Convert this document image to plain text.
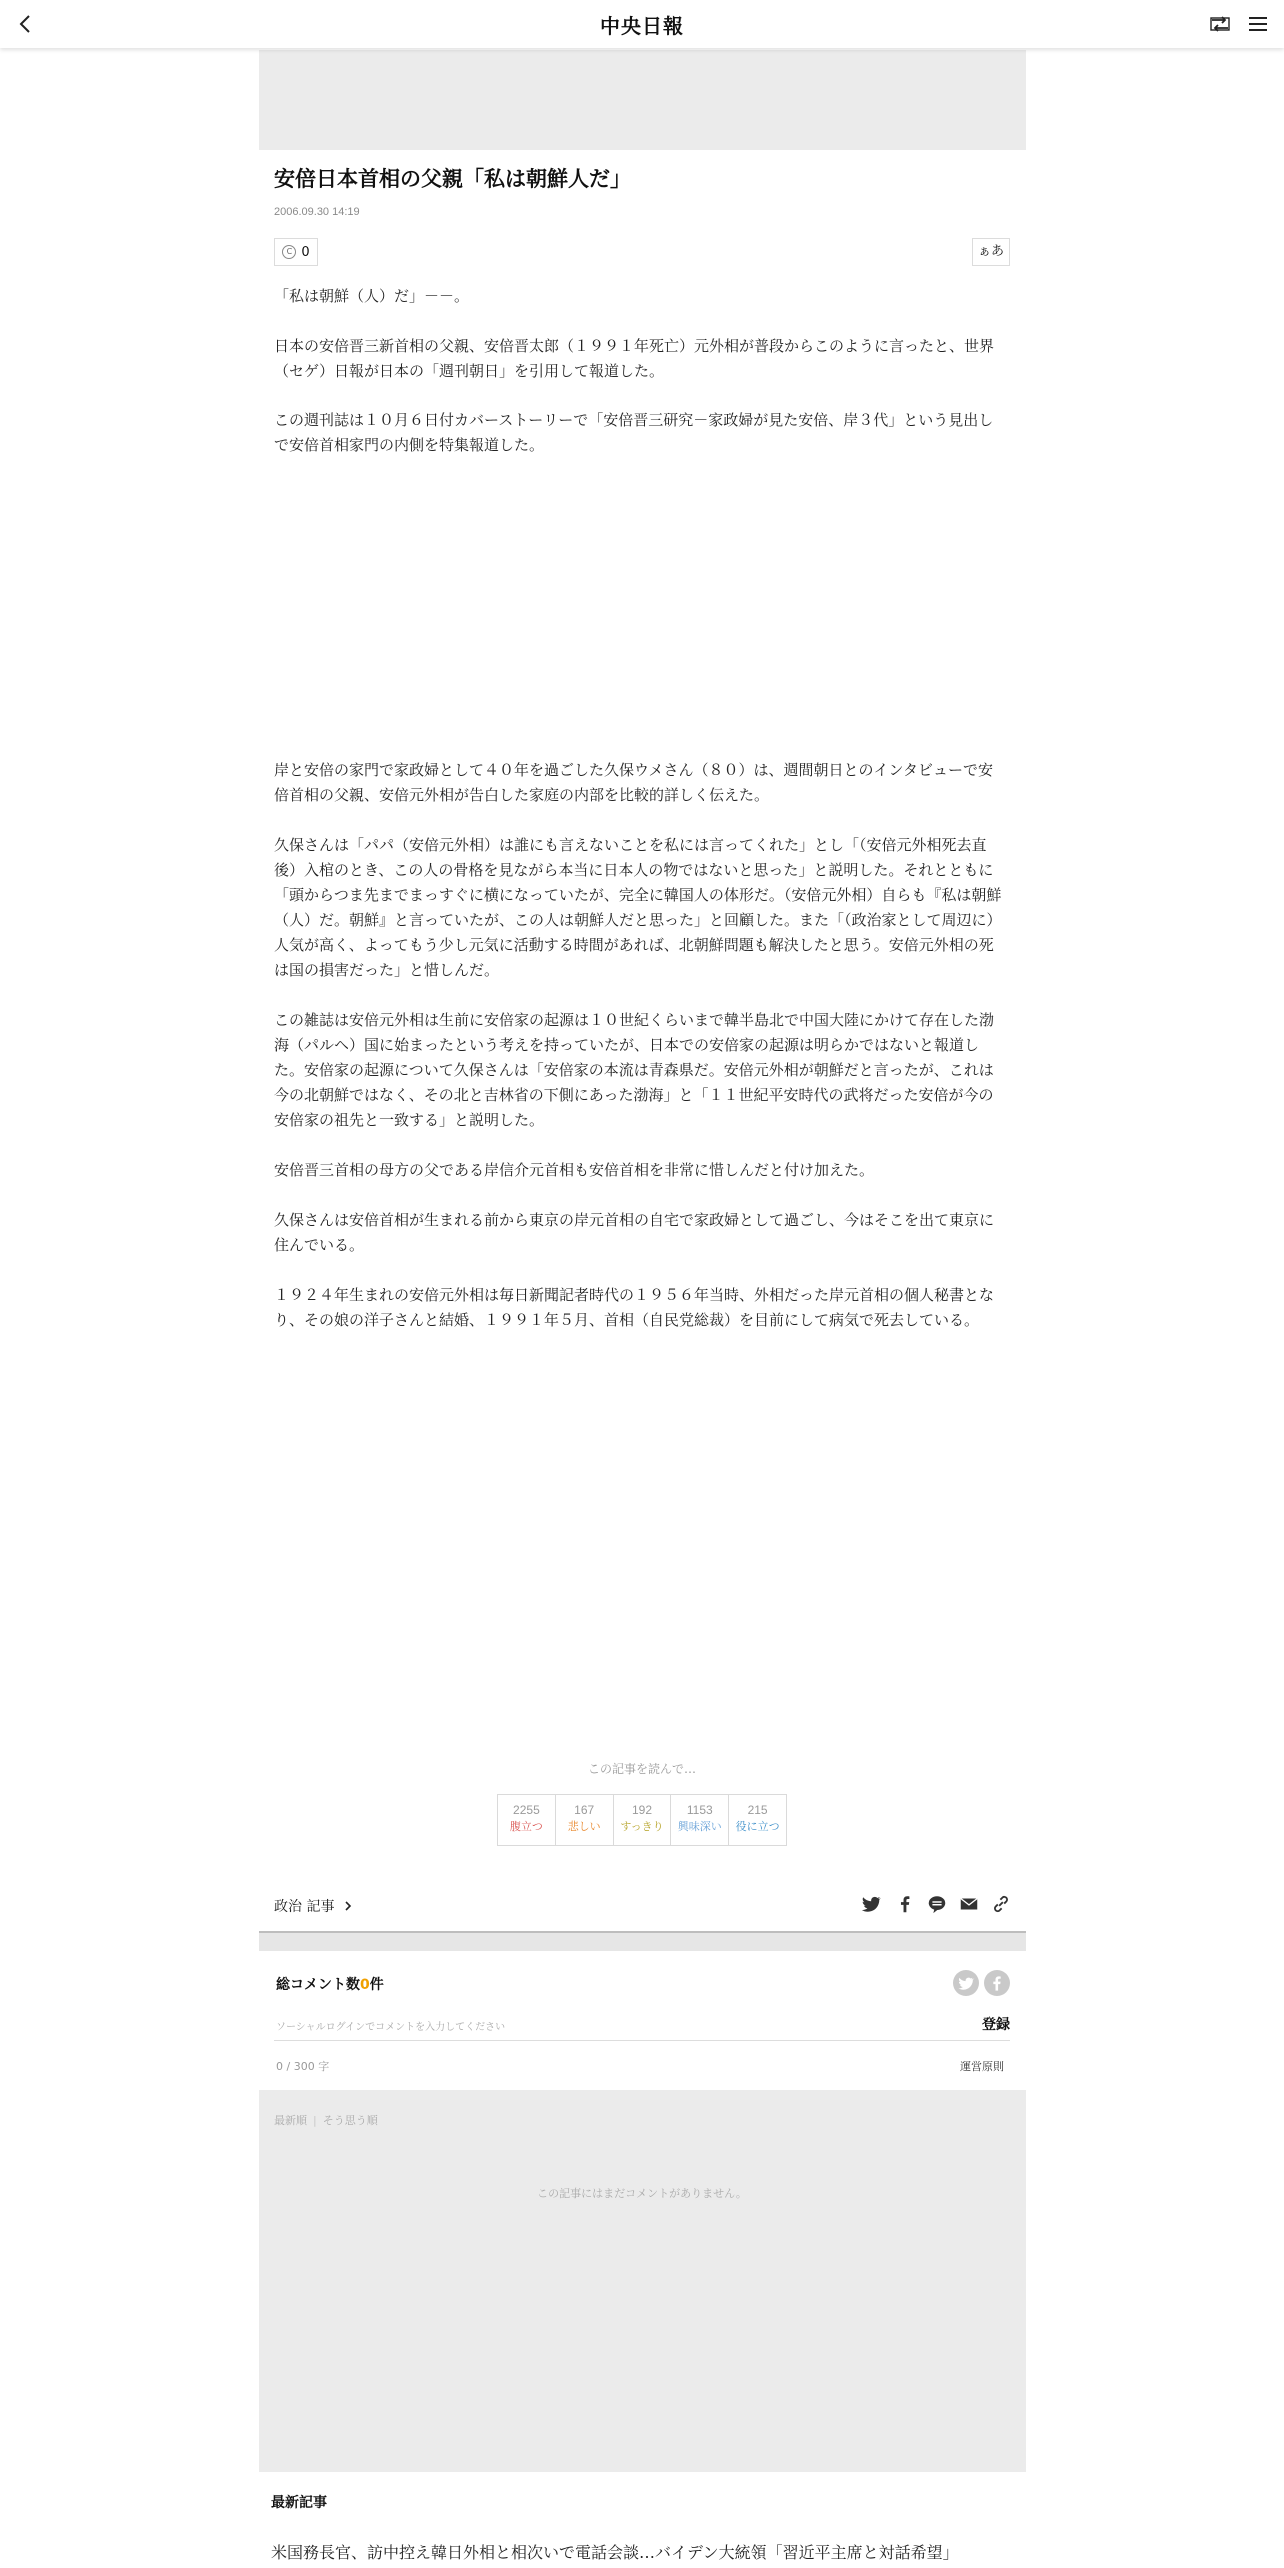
中央日報
安倍日本首相の父親「私は朝鮮人だ」
2006.09.30 14:19
C 0	ぁあ

「私は朝鮮（人）だ」－－。

日本の安倍晋三新首相の父親、安倍晋太郎（１９９１年死亡）元外相が普段からこのように言ったと、世界（セゲ）日報が日本の「週刊朝日」を引用して報道した。

この週刊誌は１０月６日付カバーストーリーで「安倍晋三研究－家政婦が見た安倍、岸３代」という見出しで安倍首相家門の内側を特集報道した。

岸と安倍の家門で家政婦として４０年を過ごした久保ウメさん（８０）は、週間朝日とのインタビューで安倍首相の父親、安倍元外相が告白した家庭の内部を比較的詳しく伝えた。

久保さんは「パパ（安倍元外相）は誰にも言えないことを私には言ってくれた」とし「（安倍元外相死去直後）入棺のとき、この人の骨格を見ながら本当に日本人の物ではないと思った」と説明した。それとともに「頭からつま先までまっすぐに横になっていたが、完全に韓国人の体形だ。（安倍元外相）自らも『私は朝鮮（人）だ。朝鮮』と言っていたが、この人は朝鮮人だと思った」と回顧した。また「（政治家として周辺に）人気が高く、よってもう少し元気に活動する時間があれば、北朝鮮問題も解決したと思う。安倍元外相の死は国の損害だった」と惜しんだ。

この雑誌は安倍元外相は生前に安倍家の起源は１０世紀くらいまで韓半島北で中国大陸にかけて存在した渤海（パルヘ）国に始まったという考えを持っていたが、日本での安倍家の起源は明らかではないと報道した。安倍家の起源について久保さんは「安倍家の本流は青森県だ。安倍元外相が朝鮮だと言ったが、これは今の北朝鮮ではなく、その北と吉林省の下側にあった渤海」と「１１世紀平安時代の武将だった安倍が今の安倍家の祖先と一致する」と説明した。

安倍晋三首相の母方の父である岸信介元首相も安倍首相を非常に惜しんだと付け加えた。

久保さんは安倍首相が生まれる前から東京の岸元首相の自宅で家政婦として過ごし、今はそこを出て東京に住んでいる。

１９２４年生まれの安倍元外相は毎日新聞記者時代の１９５６年当時、外相だった岸元首相の個人秘書となり、その娘の洋子さんと結婚、１９９１年５月、首相（自民党総裁）を目前にして病気で死去している。

この記事を読んで…
2255
腹立つ
167
悲しい
192
すっきり
1153
興味深い
215
役に立つ
政治 記事
総コメント数0件
ソーシャルログインでコメントを入力してください	登録
0 / 300 字	運営原則
最新順 | そう思う順
この記事にはまだコメントがありません。
最新記事
米国務長官、訪中控え韓日外相と相次いで電話会談…バイデン大統領「習近平主席と対話希望」
